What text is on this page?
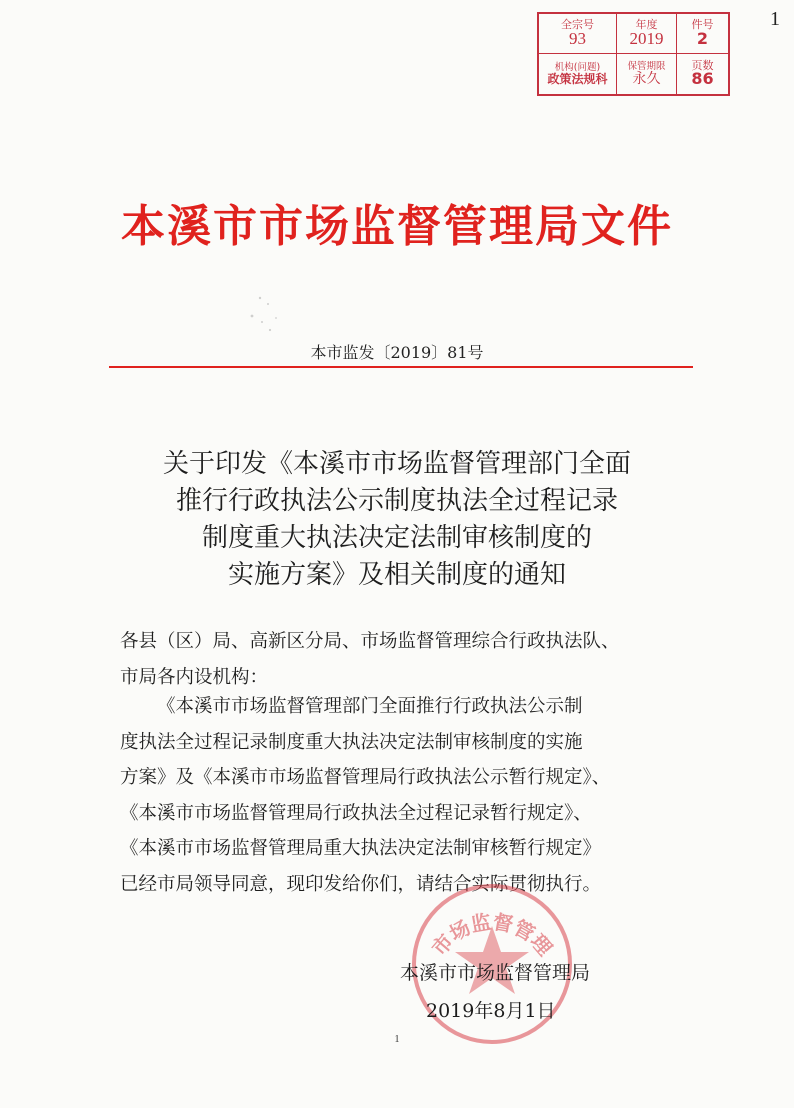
全宗号
93
年度
2019
件号
2
机构(问题)
政策法规科
保管期限
永久
页数
86
1
本溪市市场监督管理局文件
本市监发〔2019〕81号
关于印发《本溪市市场监督管理部门全面
推行行政执法公示制度执法全过程记录
制度重大执法决定法制审核制度的
实施方案》及相关制度的通知
各县（区）局、高新区分局、市场监督管理综合行政执法队、
市局各内设机构：
《本溪市市场监督管理部门全面推行行政执法公示制
度执法全过程记录制度重大执法决定法制审核制度的实施
方案》及《本溪市市场监督管理局行政执法公示暂行规定》、
《本溪市市场监督管理局行政执法全过程记录暂行规定》、
《本溪市市场监督管理局重大执法决定法制审核暂行规定》
已经市局领导同意，现印发给你们，请结合实际贯彻执行。
市场监督管理
本溪市市场监督管理局
2019年8月1日
1
